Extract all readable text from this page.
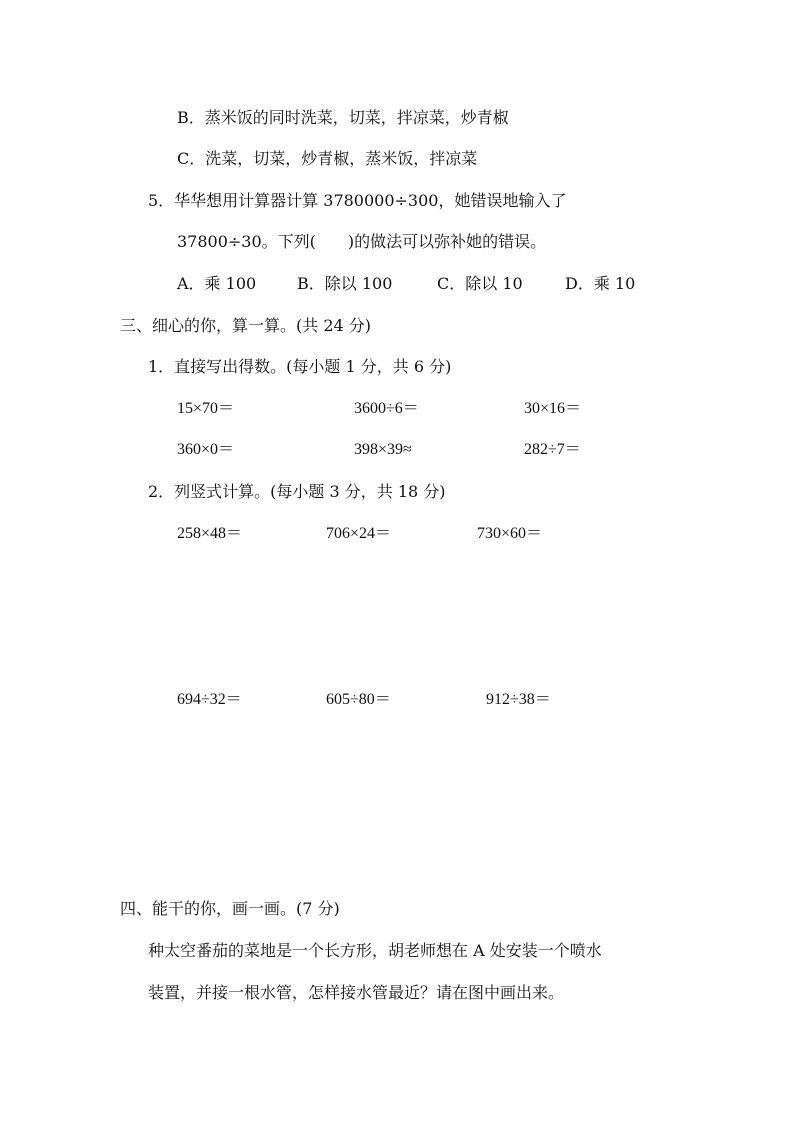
B．蒸米饭的同时洗菜，切菜，拌凉菜，炒青椒
C．洗菜，切菜，炒青椒，蒸米饭，拌凉菜
5．华华想用计算器计算 3780000÷300，她错误地输入了
37800÷30。下列(　　)的做法可以弥补她的错误。
A．乘 100	B．除以 100	C．除以 10	D．乘 10
三、细心的你，算一算。(共 24 分)
1．直接写出得数。(每小题 1 分，共 6 分)
15×70＝	3600÷6＝	30×16＝
360×0＝	398×39≈	282÷7＝
2．列竖式计算。(每小题 3 分，共 18 分)
258×48＝	706×24＝	730×60＝
694÷32＝	605÷80＝	912÷38＝
四、能干的你，画一画。(7 分)
种太空番茄的菜地是一个长方形，胡老师想在 A 处安装一个喷水
装置，并接一根水管，怎样接水管最近？请在图中画出来。
